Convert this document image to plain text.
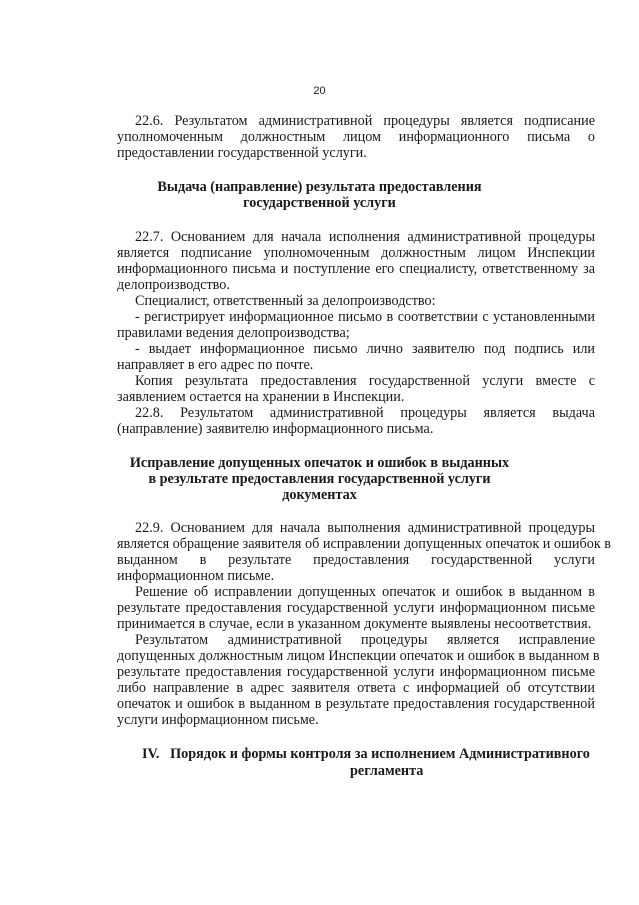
20
22.6. Результатом административной процедуры является подписание
уполномоченным должностным лицом информационного письма о
предоставлении государственной услуги.
Выдача (направление) результата предоставления
государственной услуги
22.7. Основанием для начала исполнения административной процедуры
является подписание уполномоченным должностным лицом Инспекции
информационного письма и поступление его специалисту, ответственному за
делопроизводство.
Специалист, ответственный за делопроизводство:
- регистрирует информационное письмо в соответствии с установленными
правилами ведения делопроизводства;
- выдает информационное письмо лично заявителю под подпись или
направляет в его адрес по почте.
Копия результата предоставления государственной услуги вместе с
заявлением остается на хранении в Инспекции.
22.8. Результатом административной процедуры является выдача
(направление) заявителю информационного письма.
Исправление допущенных опечаток и ошибок в выданных
в результате предоставления государственной услуги
документах
22.9. Основанием для начала выполнения административной процедуры
является обращение заявителя об исправлении допущенных опечаток и ошибок в
выданном в результате предоставления государственной услуги
информационном письме.
Решение об исправлении допущенных опечаток и ошибок в выданном в
результате предоставления государственной услуги информационном письме
принимается в случае, если в указанном документе выявлены несоответствия.
Результатом административной процедуры является исправление
допущенных должностным лицом Инспекции опечаток и ошибок в выданном в
результате предоставления государственной услуги информационном письме
либо направление в адрес заявителя ответа с информацией об отсутствии
опечаток и ошибок в выданном в результате предоставления государственной
услуги информационном письме.
IV.   Порядок и формы контроля за исполнением Административного
регламента
